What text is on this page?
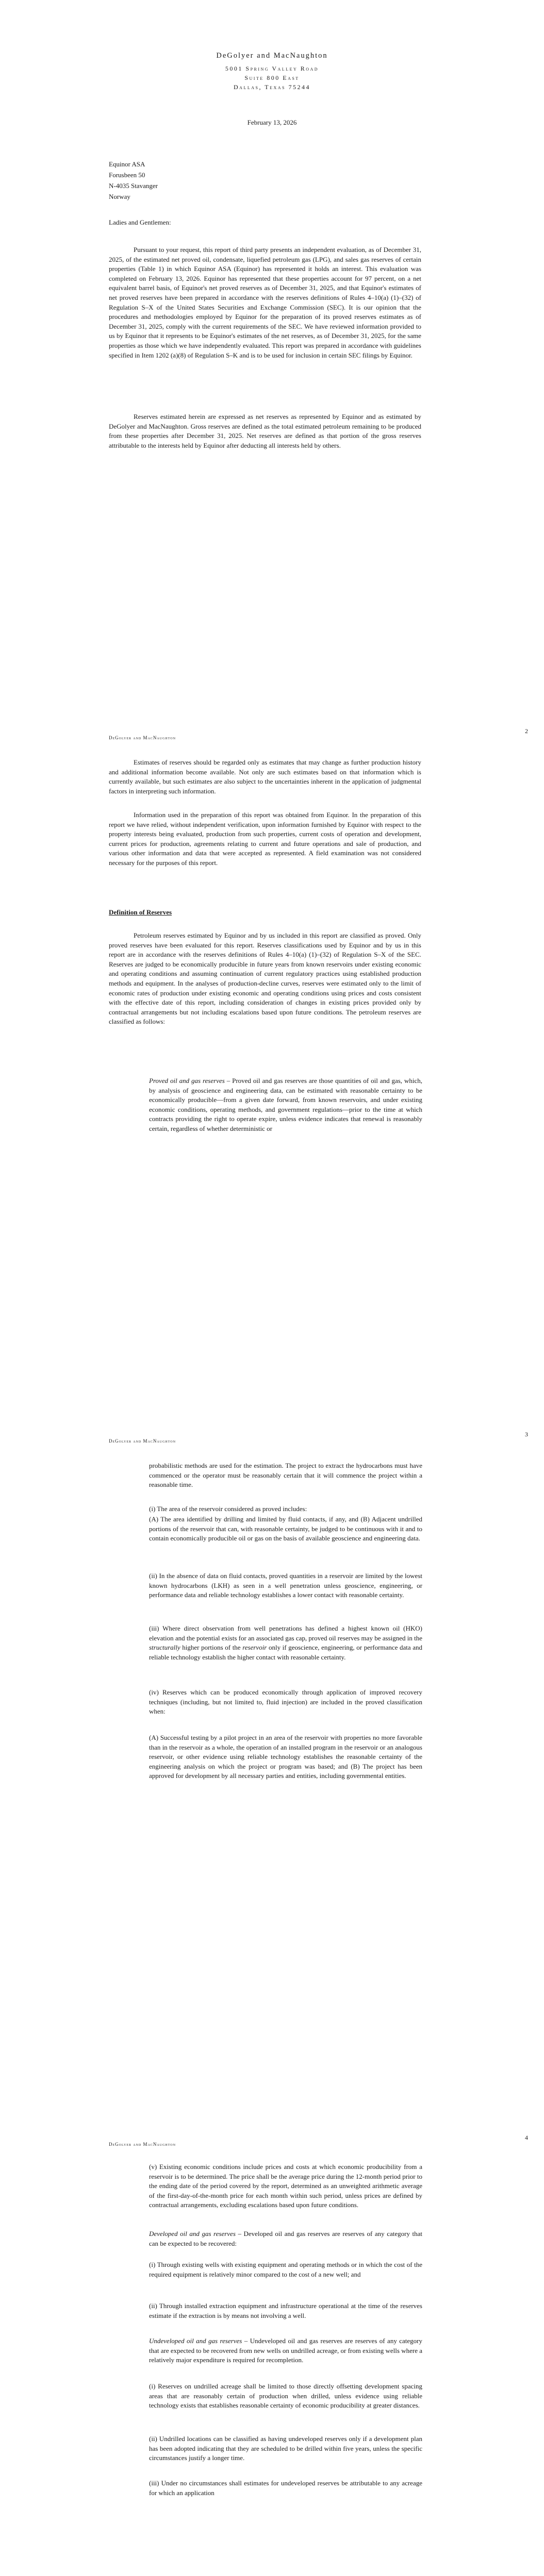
DeGolyer and MacNaughton
5001 Spring Valley Road
Suite 800 East
Dallas, Texas 75244
February 13, 2026
Equinor ASA
Forusbeen 50
N-4035 Stavanger
Norway
Ladies and Gentlemen:

Pursuant to your request, this report of third party presents an independent evaluation, as of December 31, 2025, of the estimated net proved oil, condensate, liquefied petroleum gas (LPG), and sales gas reserves of certain properties (Table 1) in which Equinor ASA (Equinor) has represented it holds an interest. This evaluation was completed on February 13, 2026. Equinor has represented that these properties account for 97 percent, on a net equivalent barrel basis, of Equinor's net proved reserves as of December 31, 2025, and that Equinor's estimates of net proved reserves have been prepared in accordance with the reserves definitions of Rules 4–10(a) (1)–(32) of Regulation S–X of the United States Securities and Exchange Commission (SEC). It is our opinion that the procedures and methodologies employed by Equinor for the preparation of its proved reserves estimates as of December 31, 2025, comply with the current requirements of the SEC. We have reviewed information provided to us by Equinor that it represents to be Equinor's estimates of the net reserves, as of December 31, 2025, for the same properties as those which we have independently evaluated. This report was prepared in accordance with guidelines specified in Item 1202 (a)(8) of Regulation S–K and is to be used for inclusion in certain SEC filings by Equinor.

Reserves estimated herein are expressed as net reserves as represented by Equinor and as estimated by DeGolyer and MacNaughton. Gross reserves are defined as the total estimated petroleum remaining to be produced from these properties after December 31, 2025. Net reserves are defined as that portion of the gross reserves attributable to the interests held by Equinor after deducting all interests held by others.

2
DeGolyer and MacNaughton

Estimates of reserves should be regarded only as estimates that may change as further production history and additional information become available. Not only are such estimates based on that information which is currently available, but such estimates are also subject to the uncertainties inherent in the application of judgmental factors in interpreting such information.

Information used in the preparation of this report was obtained from Equinor. In the preparation of this report we have relied, without independent verification, upon information furnished by Equinor with respect to the property interests being evaluated, production from such properties, current costs of operation and development, current prices for production, agreements relating to current and future operations and sale of production, and various other information and data that were accepted as represented. A field examination was not considered necessary for the purposes of this report.

Definition of Reserves

Petroleum reserves estimated by Equinor and by us included in this report are classified as proved. Only proved reserves have been evaluated for this report. Reserves classifications used by Equinor and by us in this report are in accordance with the reserves definitions of Rules 4–10(a) (1)–(32) of Regulation S–X of the SEC. Reserves are judged to be economically producible in future years from known reservoirs under existing economic and operating conditions and assuming continuation of current regulatory practices using established production methods and equipment. In the analyses of production-decline curves, reserves were estimated only to the limit of economic rates of production under existing economic and operating conditions using prices and costs consistent with the effective date of this report, including consideration of changes in existing prices provided only by contractual arrangements but not including escalations based upon future conditions. The petroleum reserves are classified as follows:

Proved oil and gas reserves – Proved oil and gas reserves are those quantities of oil and gas, which, by analysis of geoscience and engineering data, can be estimated with reasonable certainty to be economically producible—from a given date forward, from known reservoirs, and under existing economic conditions, operating methods, and government regulations—prior to the time at which contracts providing the right to operate expire, unless evidence indicates that renewal is reasonably certain, regardless of whether deterministic or

3
DeGolyer and MacNaughton

probabilistic methods are used for the estimation. The project to extract the hydrocarbons must have commenced or the operator must be reasonably certain that it will commence the project within a reasonable time.

(i) The area of the reservoir considered as proved includes:

(A) The area identified by drilling and limited by fluid contacts, if any, and (B) Adjacent undrilled portions of the reservoir that can, with reasonable certainty, be judged to be continuous with it and to contain economically producible oil or gas on the basis of available geoscience and engineering data.

(ii) In the absence of data on fluid contacts, proved quantities in a reservoir are limited by the lowest known hydrocarbons (LKH) as seen in a well penetration unless geoscience, engineering, or performance data and reliable technology establishes a lower contact with reasonable certainty.

(iii) Where direct observation from well penetrations has defined a highest known oil (HKO) elevation and the potential exists for an associated gas cap, proved oil reserves may be assigned in the structurally higher portions of the reservoir only if geoscience, engineering, or performance data and reliable technology establish the higher contact with reasonable certainty.

(iv) Reserves which can be produced economically through application of improved recovery techniques (including, but not limited to, fluid injection) are included in the proved classification when:

(A) Successful testing by a pilot project in an area of the reservoir with properties no more favorable than in the reservoir as a whole, the operation of an installed program in the reservoir or an analogous reservoir, or other evidence using reliable technology establishes the reasonable certainty of the engineering analysis on which the project or program was based; and (B) The project has been approved for development by all necessary parties and entities, including governmental entities.

4
DeGolyer and MacNaughton

(v) Existing economic conditions include prices and costs at which economic producibility from a reservoir is to be determined. The price shall be the average price during the 12-month period prior to the ending date of the period covered by the report, determined as an unweighted arithmetic average of the first-day-of-the-month price for each month within such period, unless prices are defined by contractual arrangements, excluding escalations based upon future conditions.

Developed oil and gas reserves – Developed oil and gas reserves are reserves of any category that can be expected to be recovered:

(i) Through existing wells with existing equipment and operating methods or in which the cost of the required equipment is relatively minor compared to the cost of a new well; and

(ii) Through installed extraction equipment and infrastructure operational at the time of the reserves estimate if the extraction is by means not involving a well.

Undeveloped oil and gas reserves – Undeveloped oil and gas reserves are reserves of any category that are expected to be recovered from new wells on undrilled acreage, or from existing wells where a relatively major expenditure is required for recompletion.

(i) Reserves on undrilled acreage shall be limited to those directly offsetting development spacing areas that are reasonably certain of production when drilled, unless evidence using reliable technology exists that establishes reasonable certainty of economic producibility at greater distances.

(ii) Undrilled locations can be classified as having undeveloped reserves only if a development plan has been adopted indicating that they are scheduled to be drilled within five years, unless the specific circumstances justify a longer time.

(iii) Under no circumstances shall estimates for undeveloped reserves be attributable to any acreage for which an application
